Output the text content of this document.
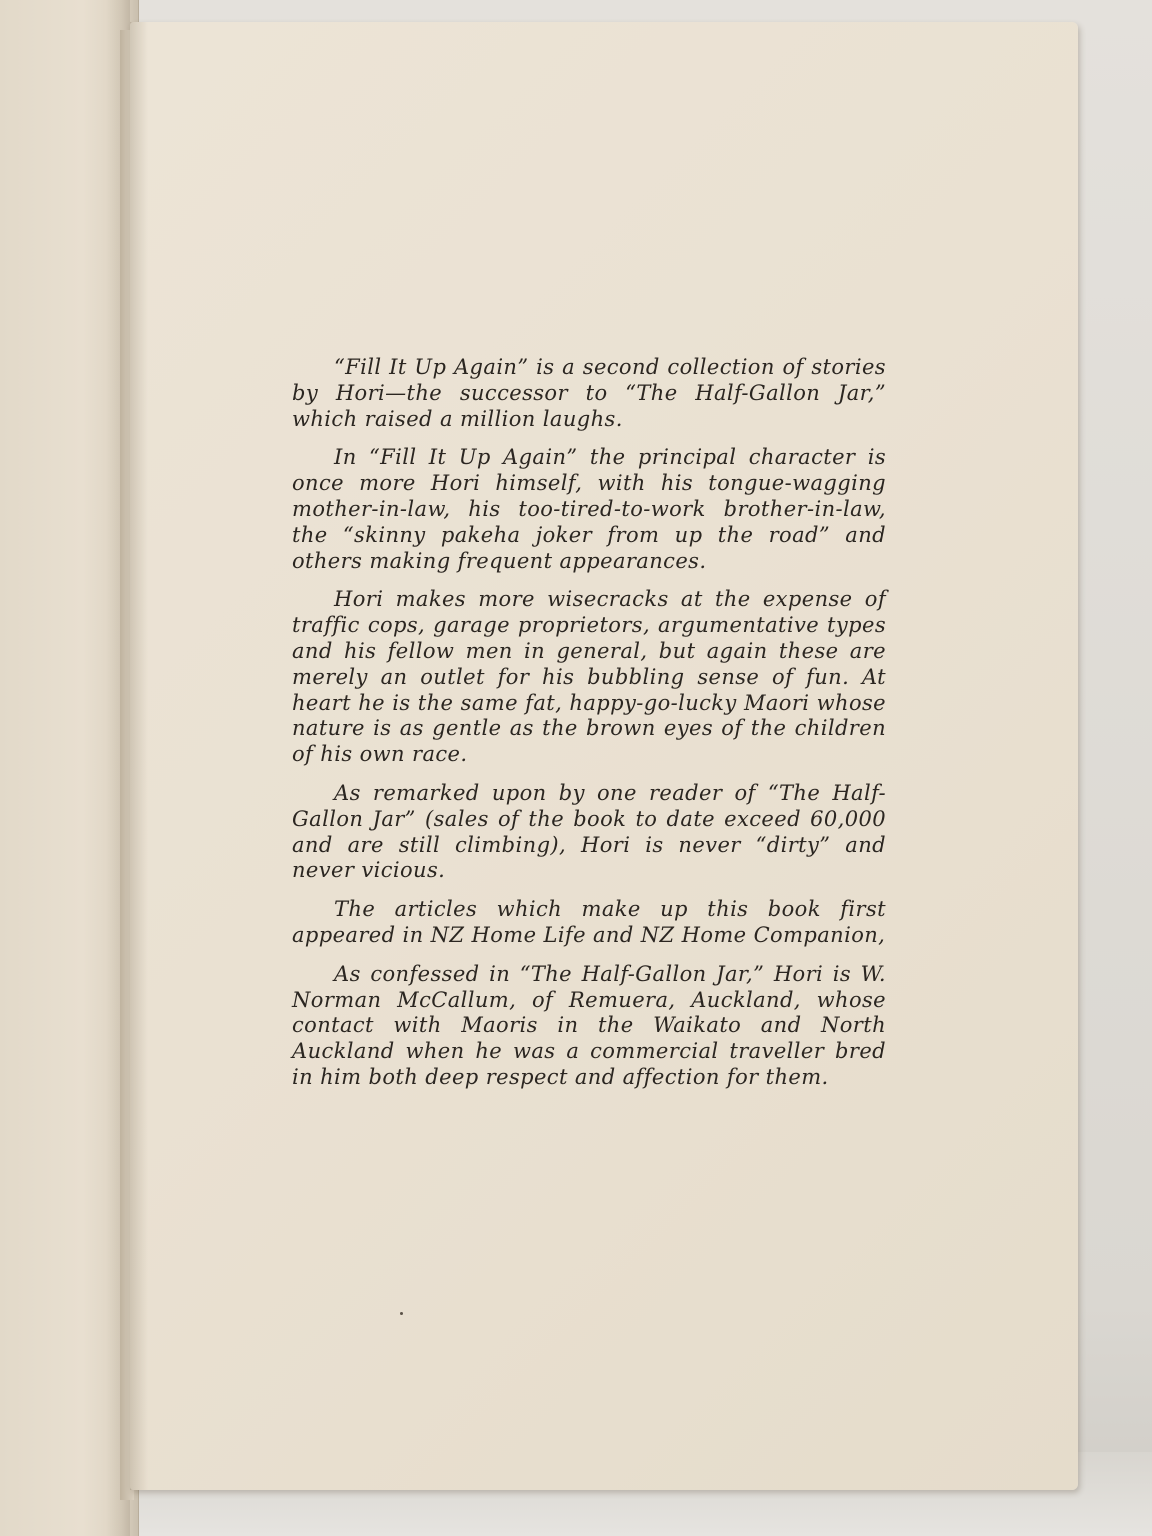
“Fill It Up Again” is a second collection of stories by Hori—the successor to “The Half-Gallon Jar,” which raised a million laughs.

In “Fill It Up Again” the principal character is once more Hori himself, with his tongue-wagging mother-in-law, his too-tired-to-work brother-in-law, the “skinny pakeha joker from up the road” and others making frequent appearances.

Hori makes more wisecracks at the expense of traffic cops, garage proprietors, argumentative types and his fellow men in general, but again these are merely an outlet for his bubbling sense of fun. At heart he is the same fat, happy-go-lucky Maori whose nature is as gentle as the brown eyes of the children of his own race.

As remarked upon by one reader of “The Half-Gallon Jar” (sales of the book to date exceed 60,000 and are still climbing), Hori is never “dirty” and never vicious.

The articles which make up this book first appeared in NZ Home Life and NZ Home Companion,

As confessed in “The Half-Gallon Jar,” Hori is W. Norman McCallum, of Remuera, Auckland, whose contact with Maoris in the Waikato and North Auckland when he was a commercial traveller bred in him both deep respect and affection for them.
